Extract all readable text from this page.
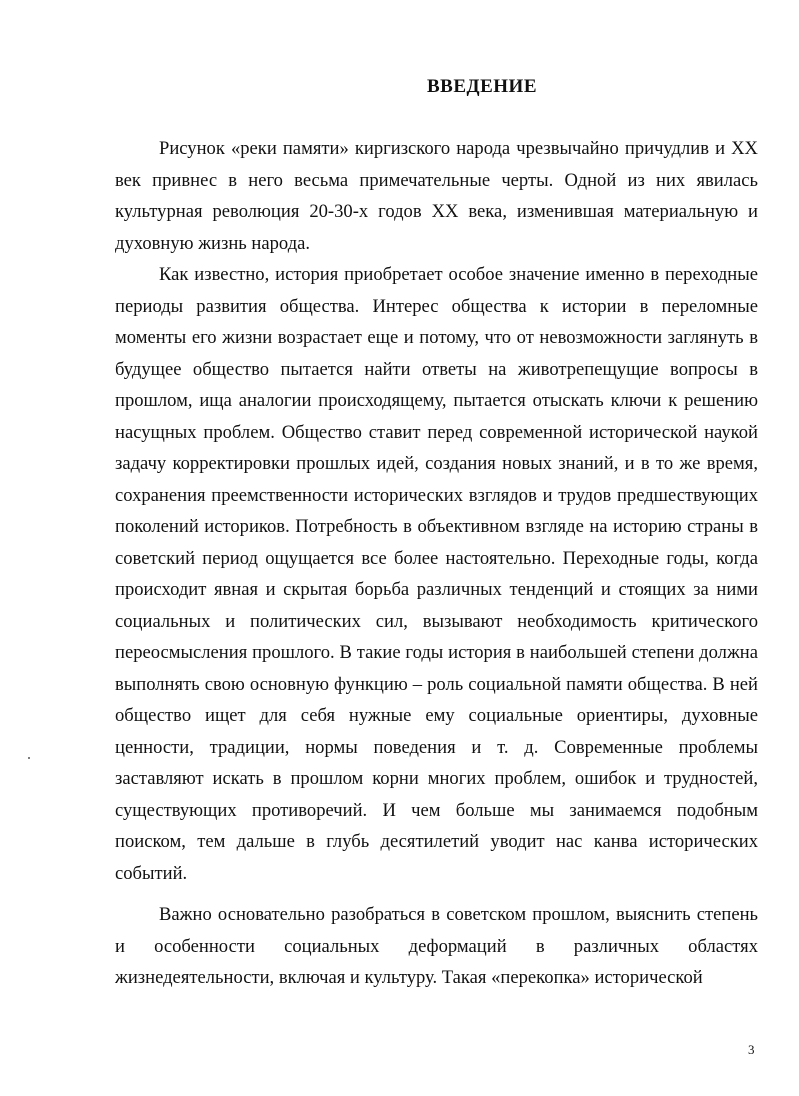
ВВЕДЕНИЕ

Рисунок «реки памяти» киргизского народа чрезвычайно причудлив и XX век привнес в него весьма примечательные черты. Одной из них явилась культурная революция 20-30-х годов XX века, изменившая материальную и духовную жизнь народа.

Как известно, история приобретает особое значение именно в переходные периоды развития общества. Интерес общества к истории в переломные моменты его жизни возрастает еще и потому, что от невозможности заглянуть в будущее общество пытается найти ответы на животрепещущие вопросы в прошлом, ища аналогии происходящему, пытается отыскать ключи к решению насущных проблем. Общество ставит перед современной исторической наукой задачу корректировки прошлых идей, создания новых знаний, и в то же время, сохранения преемственности исторических взглядов и трудов предшествующих поколений историков. Потребность в объективном взгляде на историю страны в советский период ощущается все более настоятельно. Переходные годы, когда происходит явная и скрытая борьба различных тенденций и стоящих за ними социальных и политических сил, вызывают необходимость критического переосмысления прошлого. В такие годы история в наибольшей степени должна выполнять свою основную функцию – роль социальной памяти общества. В ней общество ищет для себя нужные ему социальные ориентиры, духовные ценности, традиции, нормы поведения и т. д. Современные проблемы заставляют искать в прошлом корни многих проблем, ошибок и трудностей, существующих противоречий. И чем больше мы занимаемся подобным поиском, тем дальше в глубь десятилетий уводит нас канва исторических событий.

Важно основательно разобраться в советском прошлом, выяснить степень и особенности социальных деформаций в различных областях жизнедеятельности, включая и культуру. Такая «перекопка» исторической

3
